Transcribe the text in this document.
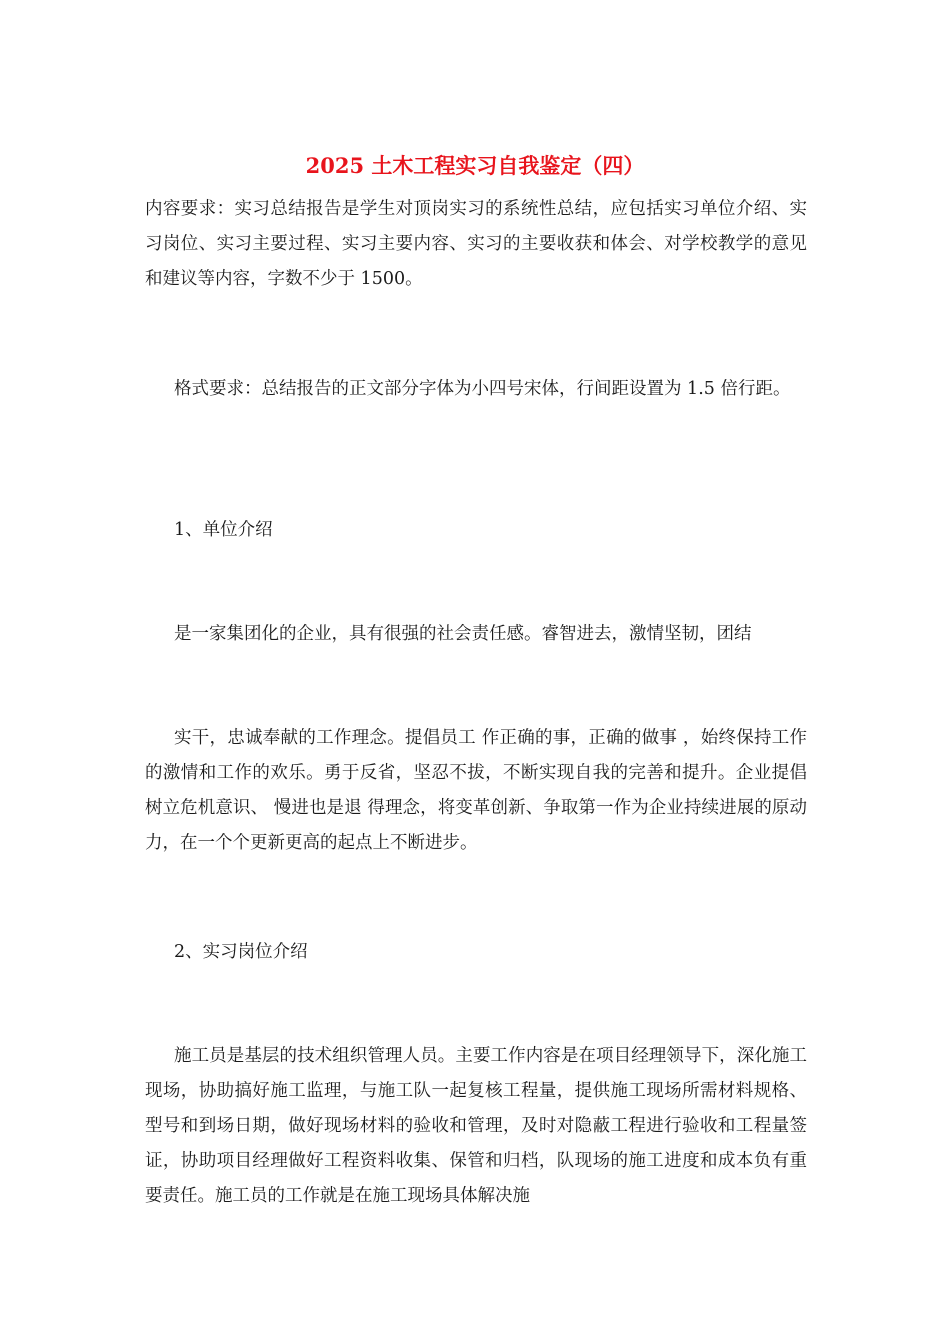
2025 土木工程实习自我鉴定（四）
内容要求：实习总结报告是学生对顶岗实习的系统性总结，应包括实习单位介绍、实习岗位、实习主要过程、实习主要内容、实习的主要收获和体会、对学校教学的意见和建议等内容，字数不少于 1500。
格式要求：总结报告的正文部分字体为小四号宋体，行间距设置为 1.5 倍行距。
1、单位介绍
是一家集团化的企业，具有很强的社会责任感。睿智进去，激情坚韧，团结
实干，忠诚奉献的工作理念。提倡员工 作正确的事，正确的做事 ，始终保持工作的激情和工作的欢乐。勇于反省，坚忍不拔，不断实现自我的完善和提升。企业提倡树立危机意识、 慢进也是退 得理念，将变革创新、争取第一作为企业持续进展的原动力，在一个个更新更高的起点上不断进步。
2、实习岗位介绍
施工员是基层的技术组织管理人员。主要工作内容是在项目经理领导下，深化施工现场，协助搞好施工监理，与施工队一起复核工程量，提供施工现场所需材料规格、型号和到场日期，做好现场材料的验收和管理，及时对隐蔽工程进行验收和工程量签证，协助项目经理做好工程资料收集、保管和归档，队现场的施工进度和成本负有重要责任。施工员的工作就是在施工现场具体解决施
